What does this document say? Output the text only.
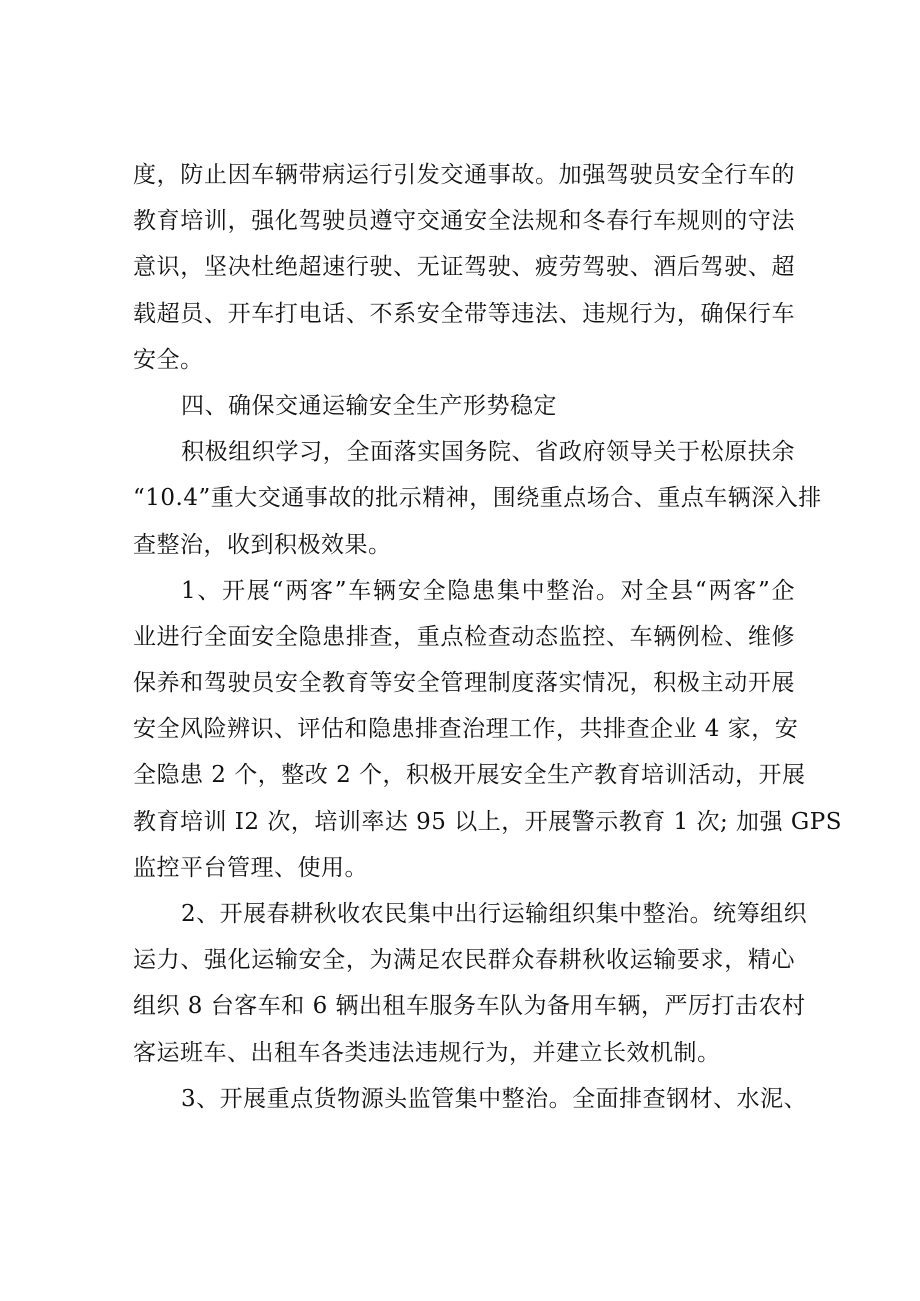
度，防止因车辆带病运行引发交通事故。加强驾驶员安全行车的
教育培训，强化驾驶员遵守交通安全法规和冬春行车规则的守法
意识，坚决杜绝超速行驶、无证驾驶、疲劳驾驶、酒后驾驶、超
载超员、开车打电话、不系安全带等违法、违规行为，确保行车
安全。
四、确保交通运输安全生产形势稳定
积极组织学习，全面落实国务院、省政府领导关于松原扶余
“10.4”重大交通事故的批示精神，围绕重点场合、重点车辆深入排
查整治，收到积极效果。
1、开展“两客”车辆安全隐患集中整治。对全县“两客”企
业进行全面安全隐患排查，重点检查动态监控、车辆例检、维修
保养和驾驶员安全教育等安全管理制度落实情况，积极主动开展
安全风险辨识、评估和隐患排查治理工作，共排查企业 4 家，安
全隐患 2 个，整改 2 个，积极开展安全生产教育培训活动，开展
教育培训 I2 次，培训率达 95 以上，开展警示教育 1 次; 加强 GPS
监控平台管理、使用。
2、开展春耕秋收农民集中出行运输组织集中整治。统筹组织
运力、强化运输安全，为满足农民群众春耕秋收运输要求，精心
组织 8 台客车和 6 辆出租车服务车队为备用车辆，严厉打击农村
客运班车、出租车各类违法违规行为，并建立长效机制。
3、开展重点货物源头监管集中整治。全面排查钢材、水泥、
